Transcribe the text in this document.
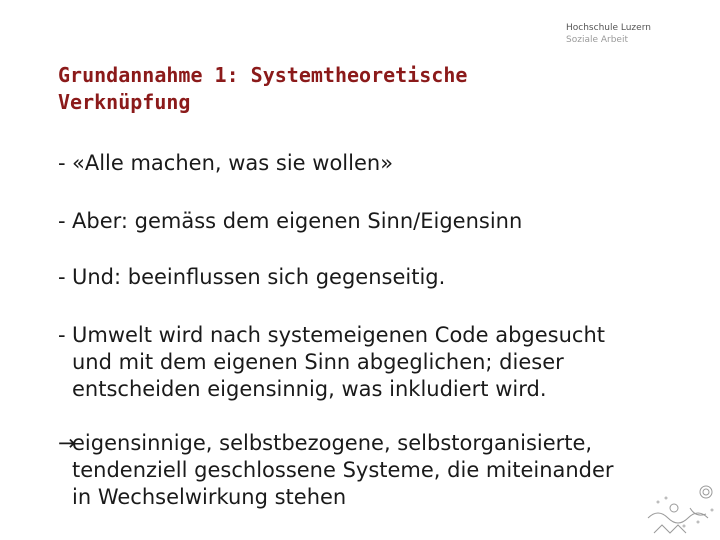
Hochschule Luzern
Soziale Arbeit
Grundannahme 1: Systemtheoretische
Verknüpfung
- «Alle machen, was sie wollen»
- Aber: gemäss dem eigenen Sinn/Eigensinn
- Und: beeinflussen sich gegenseitig.
- Umwelt wird nach systemeigenen Code abgesucht
und mit dem eigenen Sinn abgeglichen; dieser
entscheiden eigensinnig, was inkludiert wird.
→
eigensinnige, selbstbezogene, selbstorganisierte,
tendenziell geschlossene Systeme, die miteinander
in Wechselwirkung stehen
